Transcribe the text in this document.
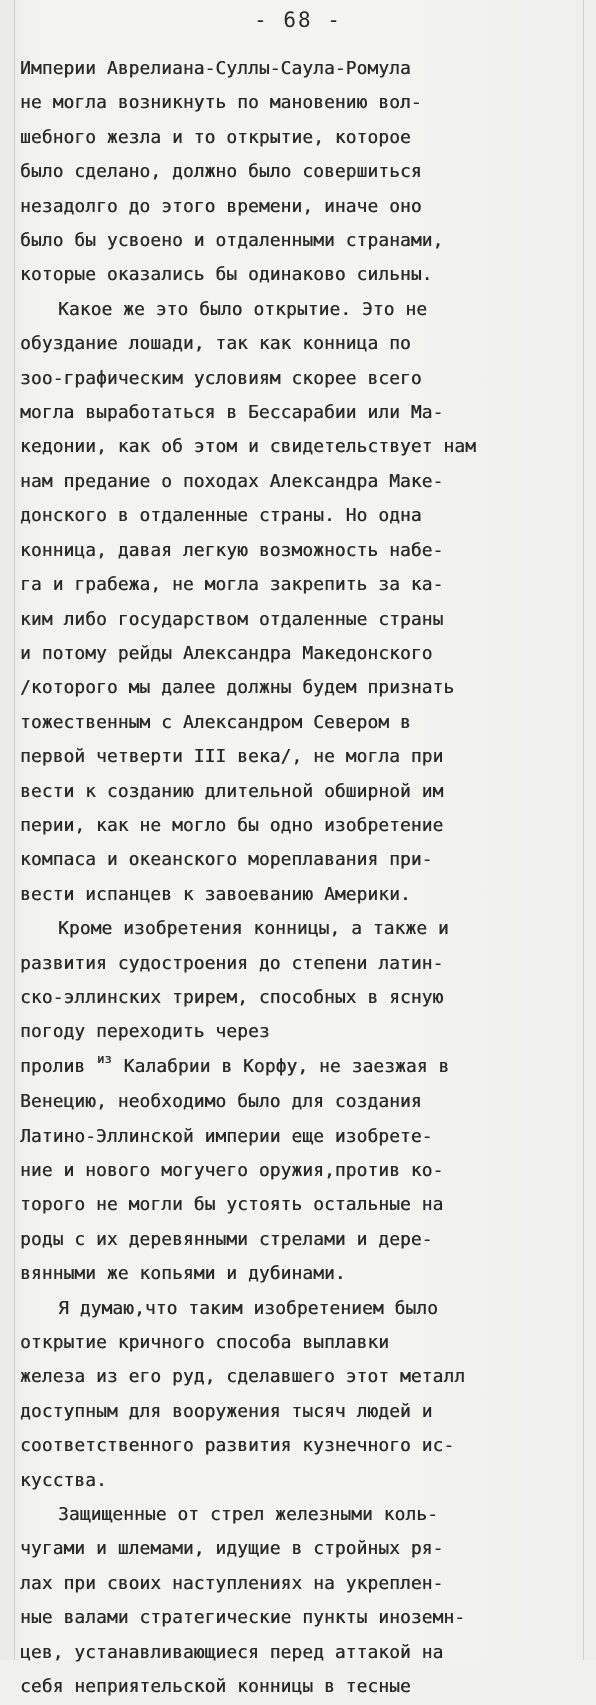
- 68 -
Империи Аврелиана-Суллы-Саула-Ромула
не могла возникнуть по мановению вол-
шебного жезла и то открытие, которое
было сделано, должно было совершиться
незадолго до этого времени, иначе оно
было бы усвоено и отдаленными странами,
которые оказались бы одинаково сильны.
Какое же это было открытие. Это не
обуздание лошади, так как конница по
зоо-графическим условиям скорее всего
могла выработаться в Бессарабии или Ма-
кедонии, как об этом и свидетельствует нам
нам предание о походах Александра Маке-
донского в отдаленные страны. Но одна
конница, давая легкую возможность набе-
га и грабежа, не могла закрепить за ка-
ким либо государством отдаленные страны
и потому рейды Александра Македонского
/которого мы далее должны будем признать
тожественным с Александром Севером в
первой четверти III века/, не могла при
вести к созданию длительной обширной им
перии, как не могло бы одно изобретение
компаса и океанского мореплавания при-
вести испанцев к завоеванию Америки.
Кроме изобретения конницы, а также и
развития судостроения до степени латин-
ско-эллинских трирем, способных в ясную
погоду переходить через
пролив $^{из}$ Калабрии в Корфу, не заезжая в
Венецию, необходимо было для создания
Латино-Эллинской империи еще изобрете-
ние и нового могучего оружия,против ко-
торого не могли бы устоять остальные на
роды с их деревянными стрелами и дере-
вянными же копьями и дубинами.
Я думаю,что таким изобретением было
открытие кричного способа выплавки
железа из его руд, сделавшего этот металл
доступным для вооружения тысяч людей и
соответственного развития кузнечного ис-
кусства.
Защищенные от стрел железными коль-
чугами и шлемами, идущие в стройных ря-
лах при своих наступлениях на укреплен-
ные валами стратегические пункты иноземн-
цев, устанавливающиеся перед аттакой на
себя неприятельской конницы в тесные
